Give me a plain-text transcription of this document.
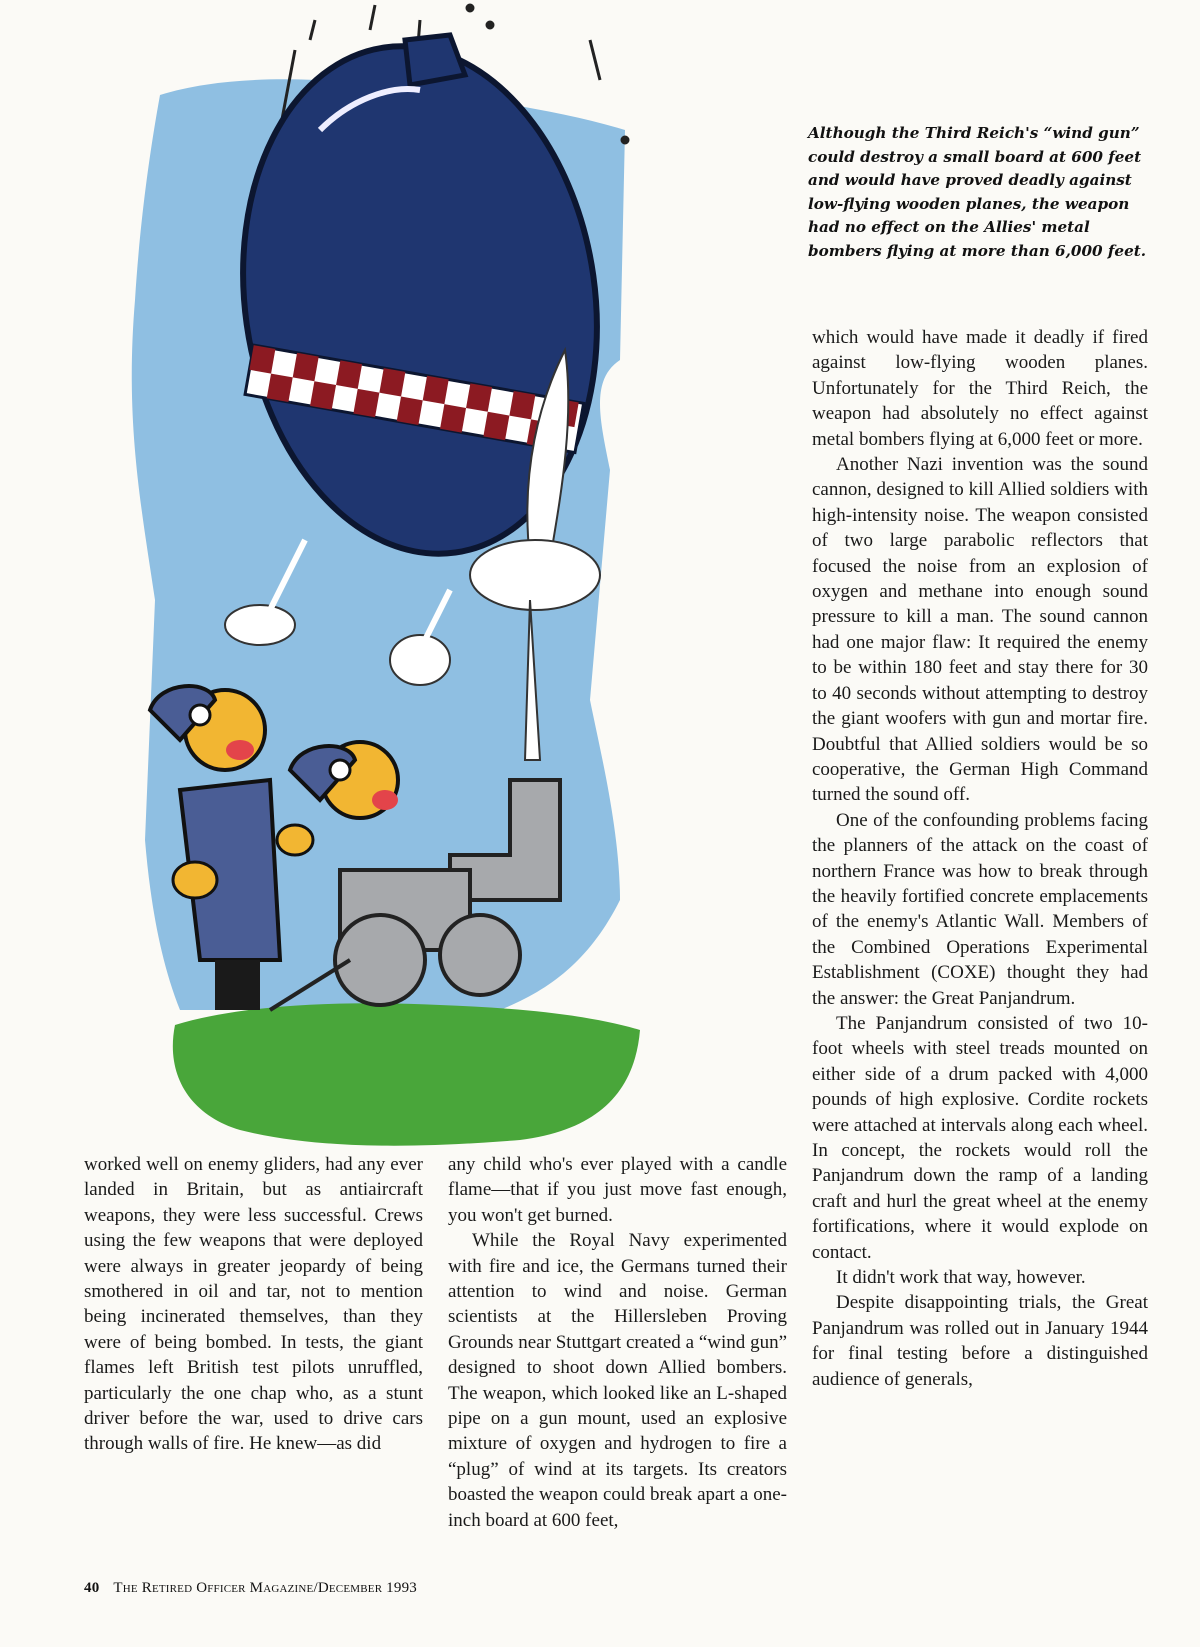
Although the Third Reich's “wind gun” could destroy a small board at 600 feet and would have proved deadly against low-flying wooden planes, the weapon had no effect on the Allies' metal bombers flying at more than 6,000 feet.

worked well on enemy gliders, had any ever landed in Britain, but as antiaircraft weapons, they were less successful. Crews using the few weapons that were deployed were always in greater jeopardy of being smothered in oil and tar, not to mention being incinerated themselves, than they were of being bombed. In tests, the giant flames left British test pilots unruffled, particularly the one chap who, as a stunt driver before the war, used to drive cars through walls of fire. He knew—as did

any child who's ever played with a candle flame—that if you just move fast enough, you won't get burned.

While the Royal Navy experimented with fire and ice, the Germans turned their attention to wind and noise. German scientists at the Hillersleben Proving Grounds near Stuttgart created a “wind gun” designed to shoot down Allied bombers. The weapon, which looked like an L-shaped pipe on a gun mount, used an explosive mixture of oxygen and hydrogen to fire a “plug” of wind at its targets. Its creators boasted the weapon could break apart a one-inch board at 600 feet,

which would have made it deadly if fired against low-flying wooden planes. Unfortunately for the Third Reich, the weapon had absolutely no effect against metal bombers flying at 6,000 feet or more.

Another Nazi invention was the sound cannon, designed to kill Allied soldiers with high-intensity noise. The weapon consisted of two large parabolic reflectors that focused the noise from an explosion of oxygen and methane into enough sound pressure to kill a man. The sound cannon had one major flaw: It required the enemy to be within 180 feet and stay there for 30 to 40 seconds without attempting to destroy the giant woofers with gun and mortar fire. Doubtful that Allied soldiers would be so cooperative, the German High Command turned the sound off.

One of the confounding problems facing the planners of the attack on the coast of northern France was how to break through the heavily fortified concrete emplacements of the enemy's Atlantic Wall. Members of the Combined Operations Experimental Establishment (COXE) thought they had the answer: the Great Panjandrum.

The Panjandrum consisted of two 10-foot wheels with steel treads mounted on either side of a drum packed with 4,000 pounds of high explosive. Cordite rockets were attached at intervals along each wheel. In concept, the rockets would roll the Panjandrum down the ramp of a landing craft and hurl the great wheel at the enemy fortifications, where it would explode on contact.

It didn't work that way, however.

Despite disappointing trials, the Great Panjandrum was rolled out in January 1944 for final testing before a distinguished audience of generals,

40 The Retired Officer Magazine/December 1993
